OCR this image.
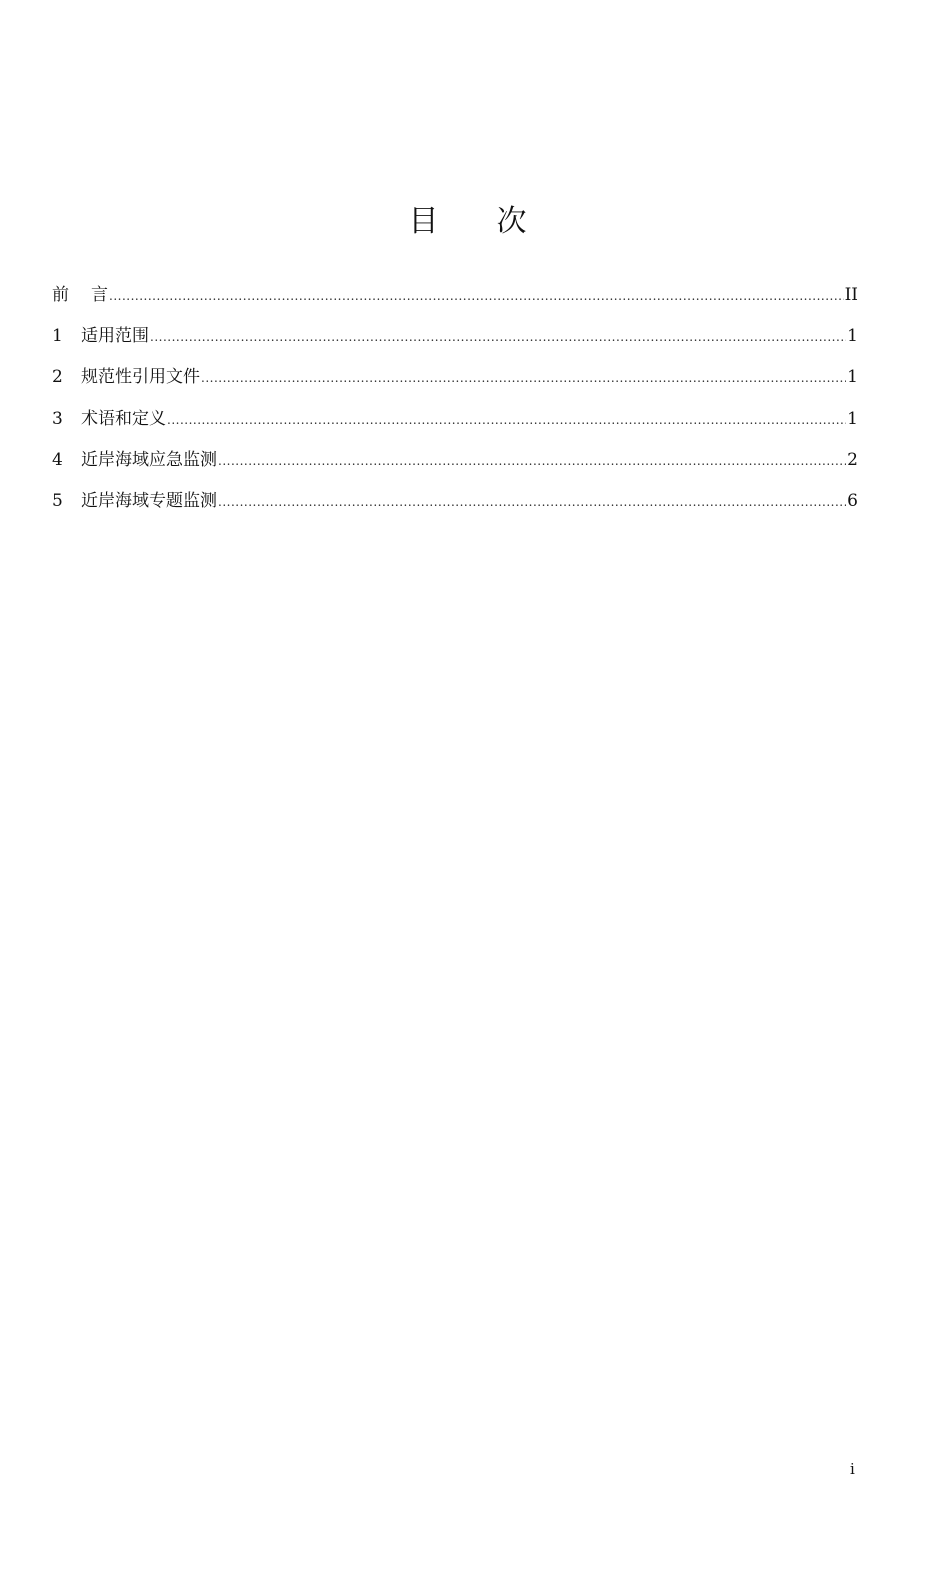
目 次
前 言 .....	II
1	适用范围 .....	1
2	规范性引用文件 .....	1
3	术语和定义 .....	1
4	近岸海域应急监测 .....	2
5	近岸海域专题监测 .....	6
i
